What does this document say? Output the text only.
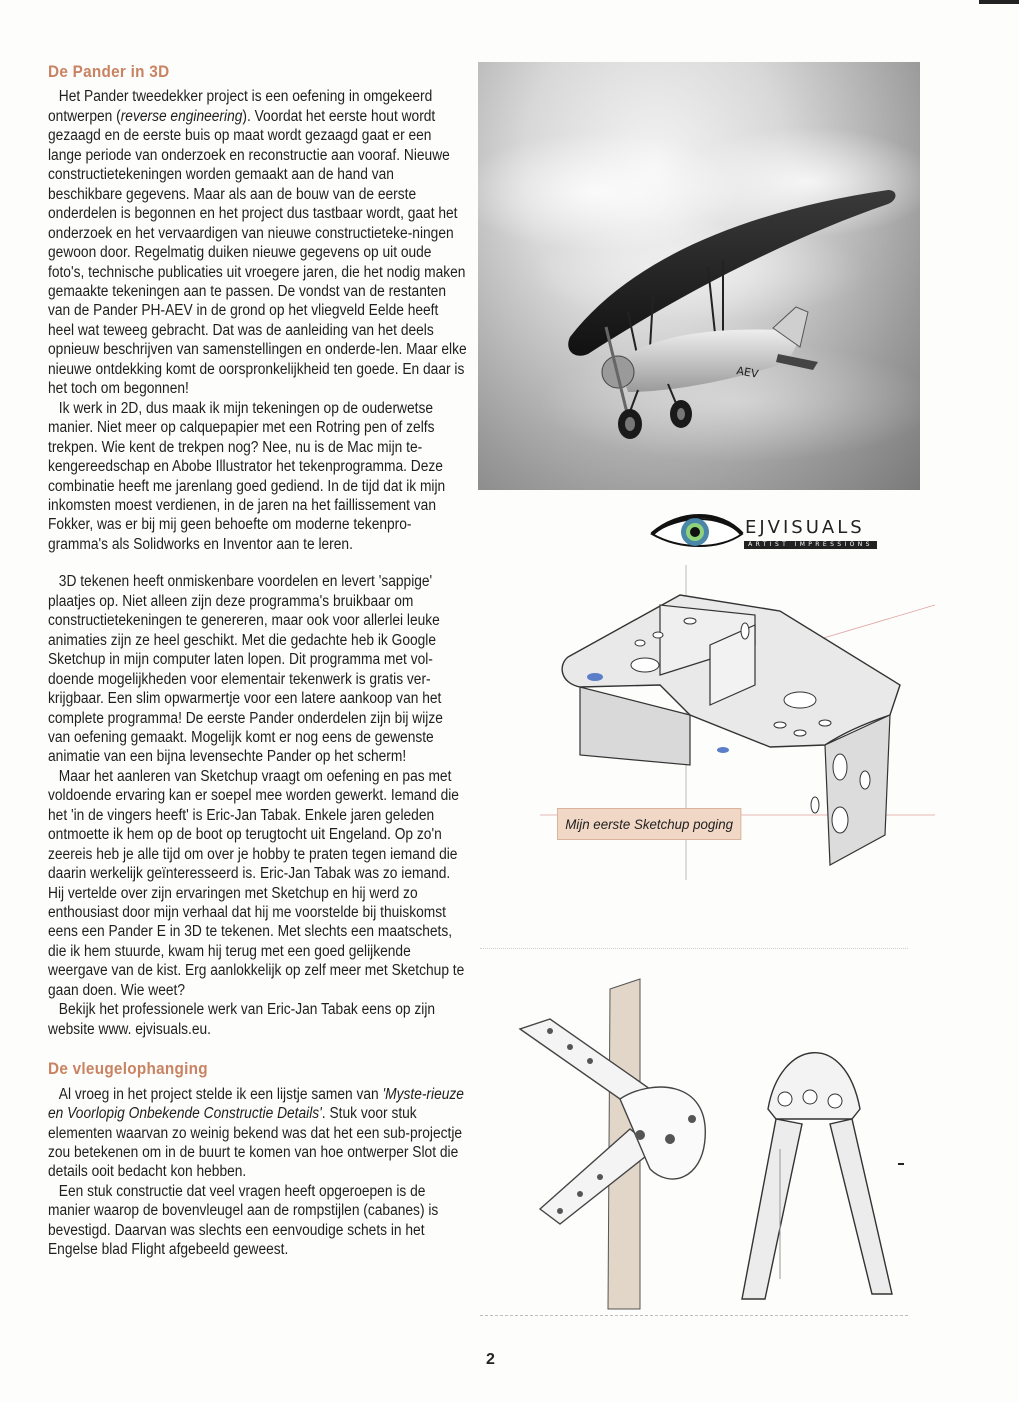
De Pander in 3D

Het Pander tweedekker project is een oefening in omgekeerd ontwerpen (reverse engineering). Voordat het eerste hout wordt gezaagd en de eerste buis op maat wordt gezaagd gaat er een lange periode van onderzoek en reconstructie aan vooraf. Nieuwe constructietekeningen worden gemaakt aan de hand van beschikbare gegevens. Maar als aan de bouw van de eerste onderdelen is begonnen en het project dus tastbaar wordt, gaat het onderzoek en het vervaardigen van nieuwe constructieteke-ningen gewoon door. Regelmatig duiken nieuwe gegevens op uit oude foto's, technische publicaties uit vroegere jaren, die het nodig maken gemaakte tekeningen aan te passen. De vondst van de restanten van de Pander PH-AEV in de grond op het vliegveld Eelde heeft heel wat teweeg gebracht. Dat was de aanleiding van het deels opnieuw beschrijven van samenstellingen en onderde-len. Maar elke nieuwe ontdekking komt de oorspronkelijkheid ten goede. En daar is het toch om begonnen!

Ik werk in 2D, dus maak ik mijn tekeningen op de ouderwetse manier. Niet meer op calquepapier met een Rotring pen of zelfs trekpen. Wie kent de trekpen nog? Nee, nu is de Mac mijn te-kengereedschap en Abobe Illustrator het tekenprogramma. Deze combinatie heeft me jarenlang goed gediend. In de tijd dat ik mijn inkomsten moest verdienen, in de jaren na het faillissement van Fokker, was er bij mij geen behoefte om moderne tekenpro-gramma's als Solidworks en Inventor aan te leren.

3D tekenen heeft onmiskenbare voordelen en levert 'sappige' plaatjes op. Niet alleen zijn deze programma's bruikbaar om constructietekeningen te genereren, maar ook voor allerlei leuke animaties zijn ze heel geschikt. Met die gedachte heb ik Google Sketchup in mijn computer laten lopen. Dit programma met vol-doende mogelijkheden voor elementair tekenwerk is gratis ver-krijgbaar. Een slim opwarmertje voor een latere aankoop van het complete programma! De eerste Pander onderdelen zijn bij wijze van oefening gemaakt. Mogelijk komt er nog eens de gewenste animatie van een bijna levensechte Pander op het scherm!

Maar het aanleren van Sketchup vraagt om oefening en pas met voldoende ervaring kan er soepel mee worden gewerkt. Iemand die het 'in de vingers heeft' is Eric-Jan Tabak. Enkele jaren geleden ontmoette ik hem op de boot op terugtocht uit Engeland. Op zo'n zeereis heb je alle tijd om over je hobby te praten tegen iemand die daarin werkelijk geïnteresseerd is. Eric-Jan Tabak was zo iemand. Hij vertelde over zijn ervaringen met Sketchup en hij werd zo enthousiast door mijn verhaal dat hij me voorstelde bij thuiskomst eens een Pander E in 3D te tekenen. Met slechts een maatschets, die ik hem stuurde, kwam hij terug met een goed gelijkende weergave van de kist. Erg aanlokkelijk op zelf meer met Sketchup te gaan doen. Wie weet?

Bekijk het professionele werk van Eric-Jan Tabak eens op zijn website www. ejvisuals.eu.

De vleugelophanging

Al vroeg in het project stelde ik een lijstje samen van 'Myste-rieuze en Voorlopig Onbekende Constructie Details'. Stuk voor stuk elementen waarvan zo weinig bekend was dat het een sub-projectje zou betekenen om in de buurt te komen van hoe ontwerper Slot die details ooit bedacht kon hebben.

Een stuk constructie dat veel vragen heeft opgeroepen is de manier waarop de bovenvleugel aan de rompstijlen (cabanes) is bevestigd. Daarvan was slechts een eenvoudige schets in het Engelse blad Flight afgebeeld geweest.

AEV
EJVISUALS
ARTIST IMPRESSIONS
Mijn eerste Sketchup poging
2
